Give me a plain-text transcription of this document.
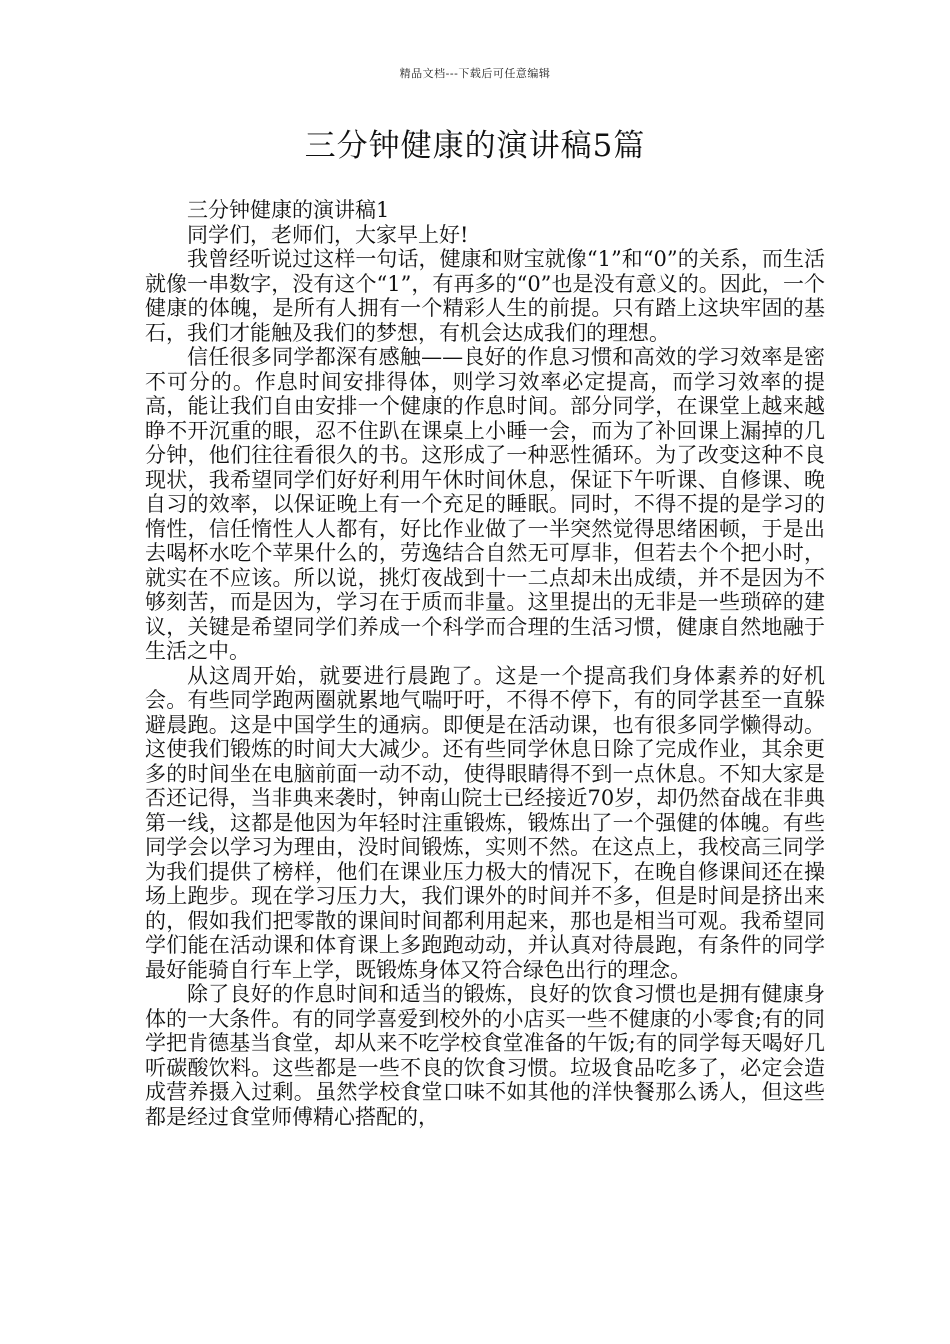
精品文档---下载后可任意编辑
三分钟健康的演讲稿5篇

三分钟健康的演讲稿1

同学们，老师们，大家早上好!

我曾经听说过这样一句话，健康和财宝就像“1”和“0”的关系，而生活就像一串数字，没有这个“1”，有再多的“0”也是没有意义的。因此，一个健康的体魄，是所有人拥有一个精彩人生的前提。只有踏上这块牢固的基石，我们才能触及我们的梦想，有机会达成我们的理想。

信任很多同学都深有感触——良好的作息习惯和高效的学习效率是密不可分的。作息时间安排得体，则学习效率必定提高，而学习效率的提高，能让我们自由安排一个健康的作息时间。部分同学，在课堂上越来越睁不开沉重的眼，忍不住趴在课桌上小睡一会，而为了补回课上漏掉的几分钟，他们往往看很久的书。这形成了一种恶性循环。为了改变这种不良现状，我希望同学们好好利用午休时间休息，保证下午听课、自修课、晚自习的效率，以保证晚上有一个充足的睡眠。同时，不得不提的是学习的惰性，信任惰性人人都有，好比作业做了一半突然觉得思绪困顿，于是出去喝杯水吃个苹果什么的，劳逸结合自然无可厚非，但若去个个把小时，就实在不应该。所以说，挑灯夜战到十一二点却未出成绩，并不是因为不够刻苦，而是因为，学习在于质而非量。这里提出的无非是一些琐碎的建议，关键是希望同学们养成一个科学而合理的生活习惯，健康自然地融于生活之中。

从这周开始，就要进行晨跑了。这是一个提高我们身体素养的好机会。有些同学跑两圈就累地气喘吁吁，不得不停下，有的同学甚至一直躲避晨跑。这是中国学生的通病。即便是在活动课，也有很多同学懒得动。这使我们锻炼的时间大大减少。还有些同学休息日除了完成作业，其余更多的时间坐在电脑前面一动不动，使得眼睛得不到一点休息。不知大家是否还记得，当非典来袭时，钟南山院士已经接近70岁，却仍然奋战在非典第一线，这都是他因为年轻时注重锻炼，锻炼出了一个强健的体魄。有些同学会以学习为理由，没时间锻炼，实则不然。在这点上，我校高三同学为我们提供了榜样，他们在课业压力极大的情况下，在晚自修课间还在操场上跑步。现在学习压力大，我们课外的时间并不多，但是时间是挤出来的，假如我们把零散的课间时间都利用起来，那也是相当可观。我希望同学们能在活动课和体育课上多跑跑动动，并认真对待晨跑，有条件的同学最好能骑自行车上学，既锻炼身体又符合绿色出行的理念。

除了良好的作息时间和适当的锻炼，良好的饮食习惯也是拥有健康身体的一大条件。有的同学喜爱到校外的小店买一些不健康的小零食;有的同学把肯德基当食堂，却从来不吃学校食堂准备的午饭;有的同学每天喝好几听碳酸饮料。这些都是一些不良的饮食习惯。垃圾食品吃多了，必定会造成营养摄入过剩。虽然学校食堂口味不如其他的洋快餐那么诱人，但这些都是经过食堂师傅精心搭配的，
